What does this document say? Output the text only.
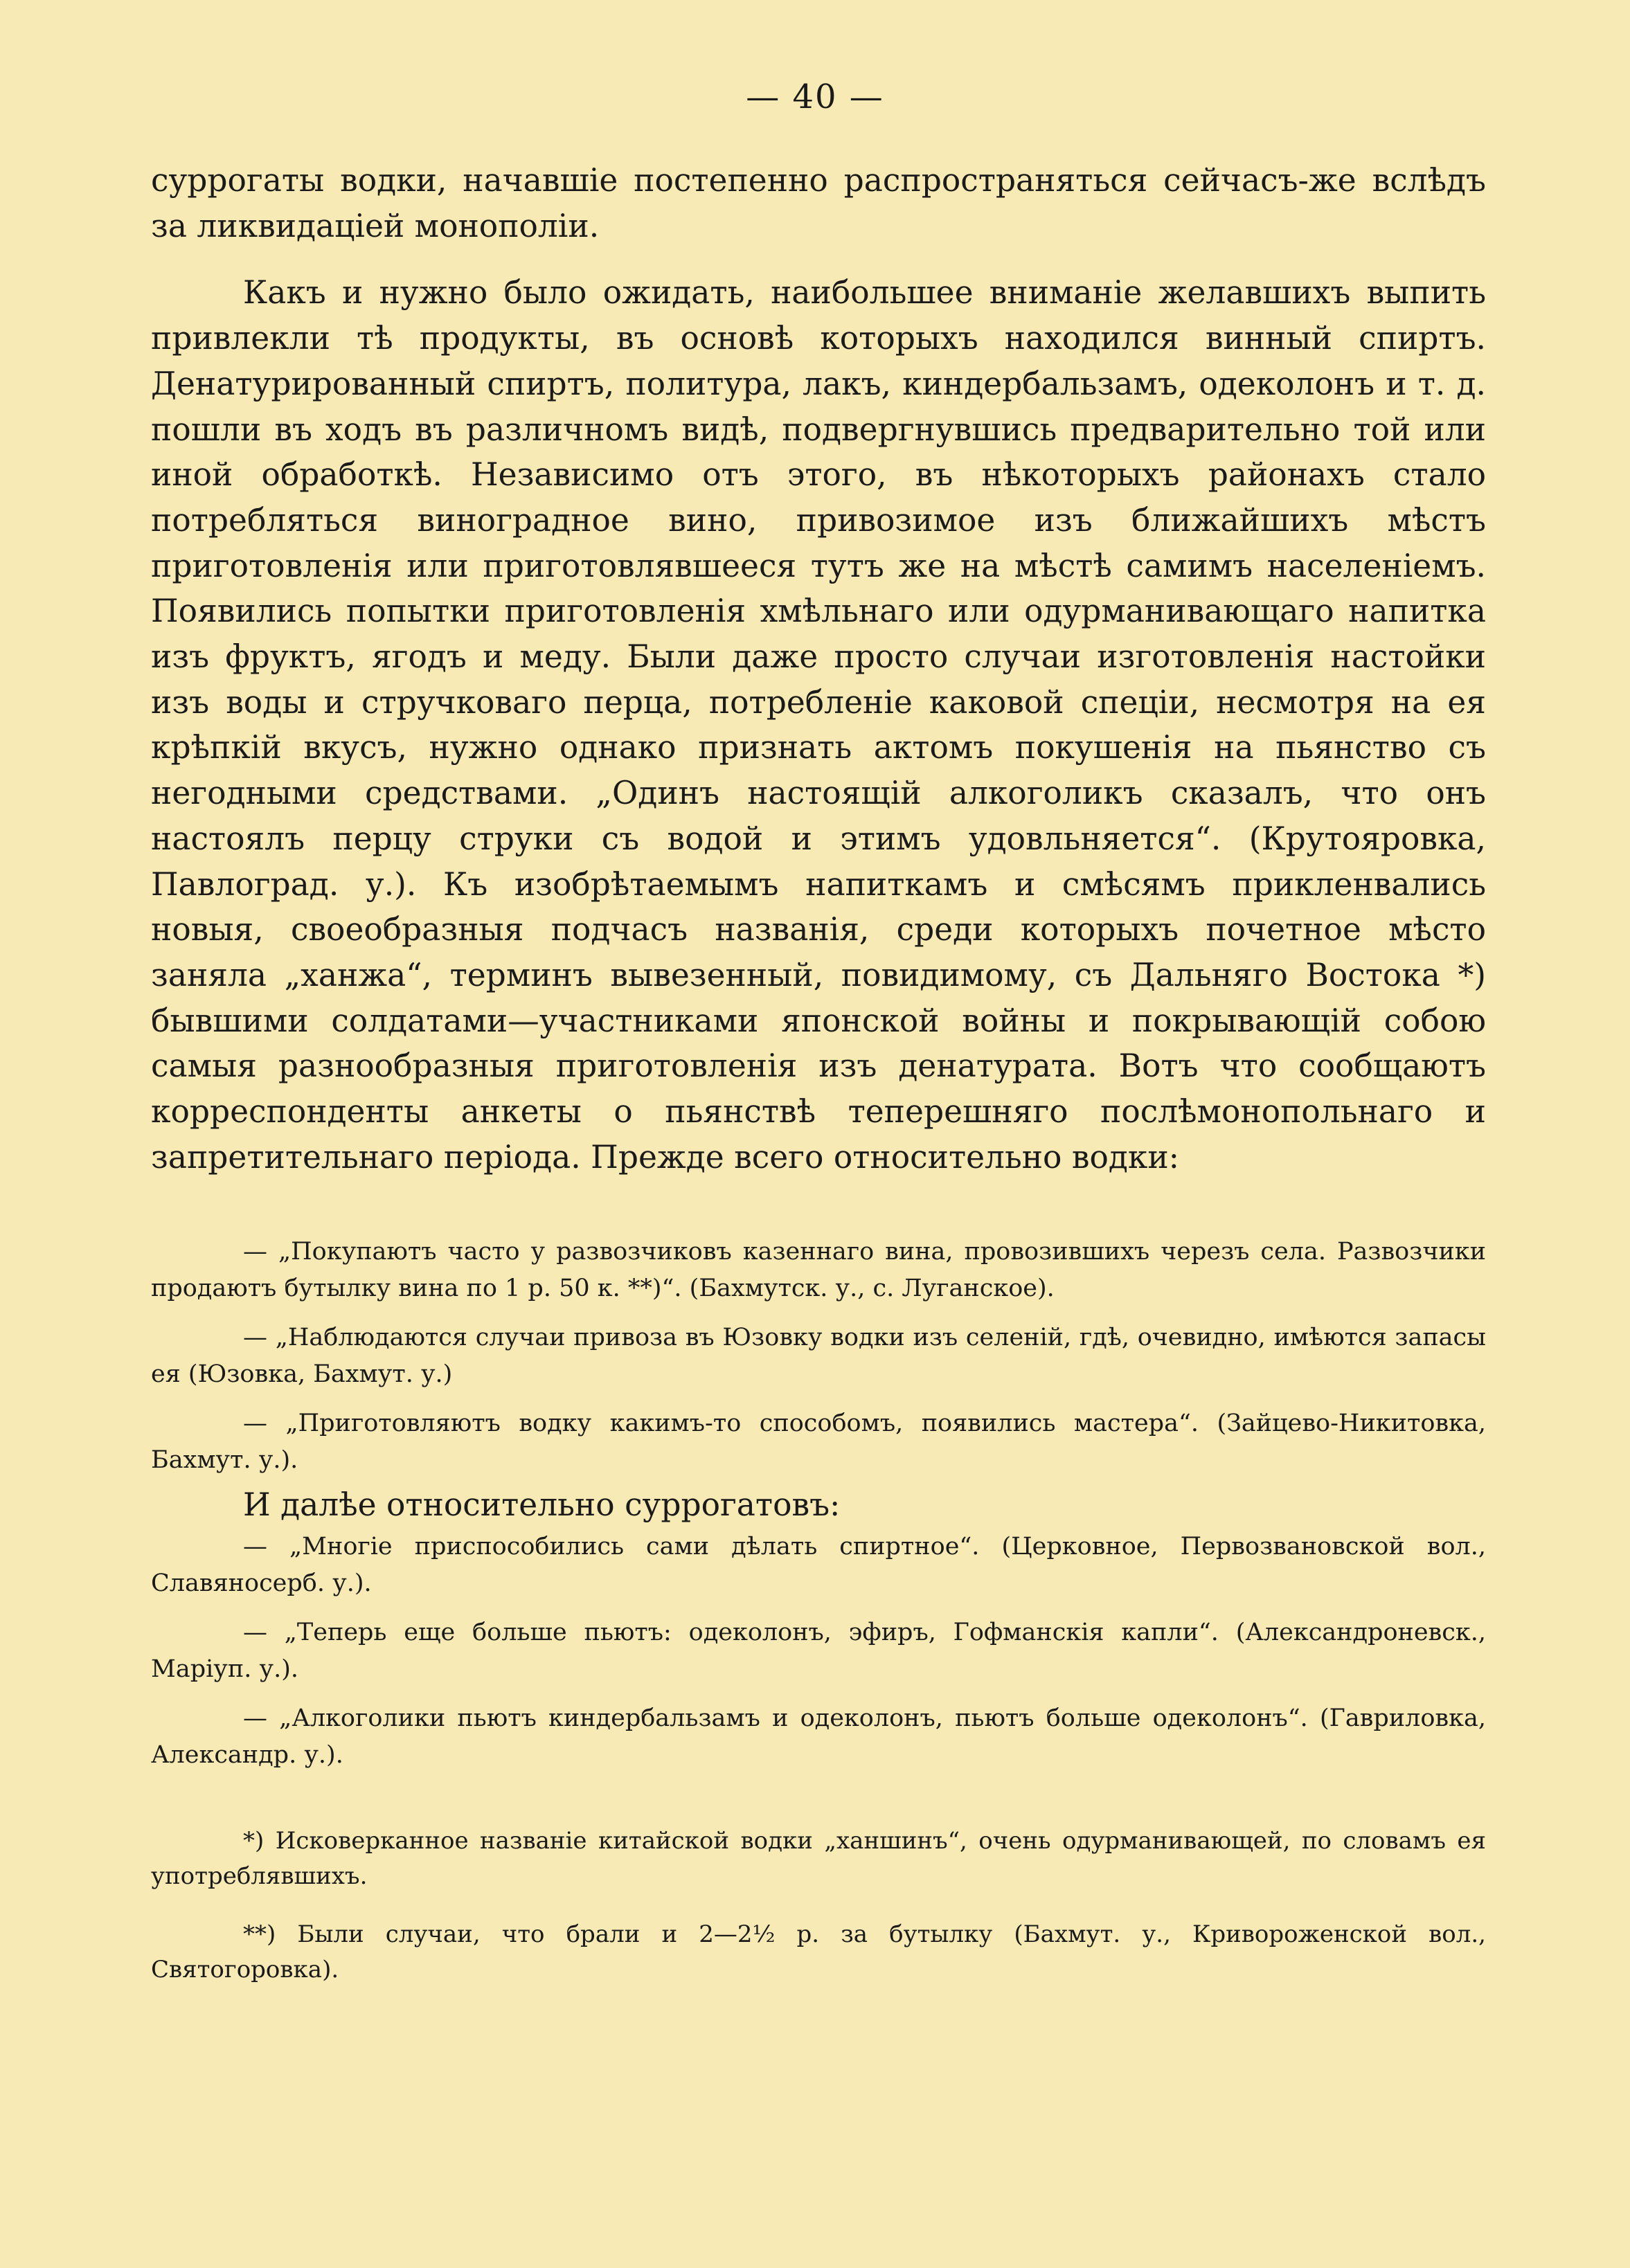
— 40 —

суррогаты водки, начавшіе постепенно распространяться сейчасъ-же вслѣдъ за ликвидаціей монополіи.

Какъ и нужно было ожидать, наибольшее вниманіе желавшихъ выпить привлекли тѣ продукты, въ основѣ которыхъ находился винный спиртъ. Денатурированный спиртъ, политура, лакъ, киндербальзамъ, одеколонъ и т. д. пошли въ ходъ въ различномъ видѣ, подвергнувшись предварительно той или иной обработкѣ. Независимо отъ этого, въ нѣкоторыхъ районахъ стало потребляться виноградное вино, привозимое изъ ближайшихъ мѣстъ приготовленія или приготовлявшееся тутъ же на мѣстѣ самимъ населеніемъ. Появились попытки приготовленія хмѣльнаго или одурманивающаго напитка изъ фруктъ, ягодъ и меду. Были даже просто случаи изготовленія настойки изъ воды и стручковаго перца, потребленіе каковой спеціи, несмотря на ея крѣпкій вкусъ, нужно однако признать актомъ покушенія на пьянство съ негодными средствами. „Одинъ настоящій алкоголикъ сказалъ, что онъ настоялъ перцу струки съ водой и этимъ удовльняется“. (Крутояровка, Павлоград. у.). Къ изобрѣтаемымъ напиткамъ и смѣсямъ прикленвались новыя, своеобразныя подчасъ названія, среди которыхъ почетное мѣсто заняла „ханжа“, терминъ вывезенный, повидимому, съ Дальняго Востока *) бывшими солдатами—участниками японской войны и покрывающій собою самыя разнообразныя приготовленія изъ денатурата. Вотъ что сообщаютъ корреспонденты анкеты о пьянствѣ теперешняго послѣмонопольнаго и запретительнаго періода. Прежде всего относительно водки:

— „Покупаютъ часто у развозчиковъ казеннаго вина, провозившихъ черезъ села. Развозчики продаютъ бутылку вина по 1 р. 50 к. **)“. (Бахмутск. у., с. Луганское).

— „Наблюдаются случаи привоза въ Юзовку водки изъ селеній, гдѣ, очевидно, имѣются запасы ея (Юзовка, Бахмут. у.)

— „Приготовляютъ водку какимъ-то способомъ, появились мастера“. (Зайцево-Никитовка, Бахмут. у.).

И далѣе относительно суррогатовъ:

— „Многіе приспособились сами дѣлать спиртное“. (Церковное, Первозвановской вол., Славяносерб. у.).

— „Теперь еще больше пьютъ: одеколонъ, эфиръ, Гофманскія капли“. (Александроневск., Маріуп. у.).

— „Алкоголики пьютъ киндербальзамъ и одеколонъ, пьютъ больше одеколонъ“. (Гавриловка, Александр. у.).

*) Исковерканное названіе китайской водки „ханшинъ“, очень одурманивающей, по словамъ ея употреблявшихъ.

**) Были случаи, что брали и 2—2½ р. за бутылку (Бахмут. у., Кривороженской вол., Святогоровка).
